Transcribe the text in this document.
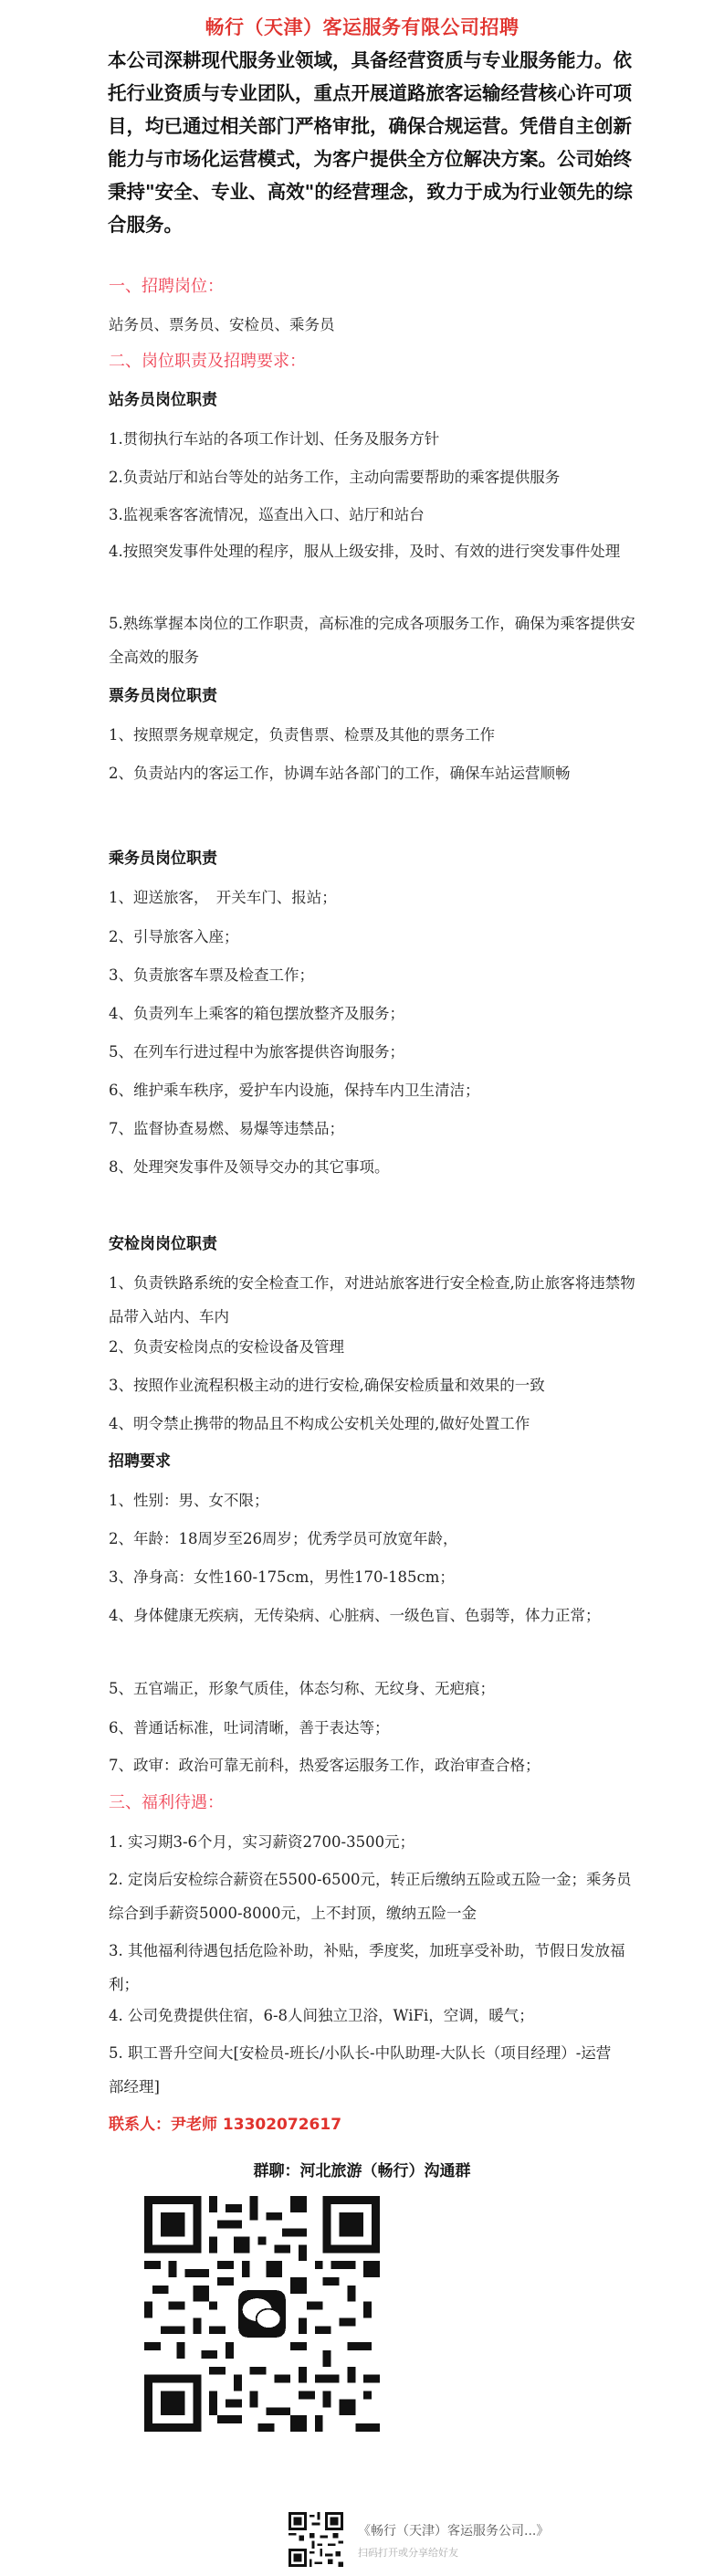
畅行（天津）客运服务有限公司招聘
本公司深耕现代服务业领域，具备经营资质与专业服务能力。依托行业资质与专业团队，重点开展道路旅客运输经营核心许可项目，均已通过相关部门严格审批，确保合规运营。凭借自主创新能力与市场化运营模式，为客户提供全方位解决方案。公司始终秉持"安全、专业、高效"的经营理念，致力于成为行业领先的综合服务。
一、招聘岗位：
站务员、票务员、安检员、乘务员
二、岗位职责及招聘要求：
站务员岗位职责
1.贯彻执行车站的各项工作计划、任务及服务方针
2.负责站厅和站台等处的站务工作，主动向需要帮助的乘客提供服务
3.监视乘客客流情况，巡查出入口、站厅和站台
4.按照突发事件处理的程序，服从上级安排，及时、有效的进行突发事件处理
5.熟练掌握本岗位的工作职责，高标准的完成各项服务工作，确保为乘客提供安全高效的服务
票务员岗位职责
1、按照票务规章规定，负责售票、检票及其他的票务工作
2、负责站内的客运工作，协调车站各部门的工作，确保车站运营顺畅
乘务员岗位职责
1、迎送旅客，　开关车门、报站；
2、引导旅客入座；
3、负责旅客车票及检查工作；
4、负责列车上乘客的箱包摆放整齐及服务；
5、在列车行进过程中为旅客提供咨询服务；
6、维护乘车秩序，爱护车内设施，保持车内卫生清洁；
7、监督协查易燃、易爆等违禁品；
8、处理突发事件及领导交办的其它事项。
安检岗岗位职责
1、负责铁路系统的安全检查工作，对进站旅客进行安全检查,防止旅客将违禁物品带入站内、车内
2、负责安检岗点的安检设备及管理
3、按照作业流程积极主动的进行安检,确保安检质量和效果的一致
4、明令禁止携带的物品且不构成公安机关处理的,做好处置工作
招聘要求
1、性别：男、女不限；
2、年龄：18周岁至26周岁；优秀学员可放宽年龄，
3、净身高：女性160-175cm，男性170-185cm；
4、身体健康无疾病，无传染病、心脏病、一级色盲、色弱等，体力正常；
5、五官端正，形象气质佳，体态匀称、无纹身、无疤痕；
6、普通话标准，吐词清晰，善于表达等；
7、政审：政治可靠无前科，热爱客运服务工作，政治审查合格；
三、福利待遇：
1. 实习期3-6个月，实习薪资2700-3500元；
2. 定岗后安检综合薪资在5500-6500元，转正后缴纳五险或五险一金；乘务员综合到手薪资5000-8000元，上不封顶，缴纳五险一金
3. 其他福利待遇包括危险补助，补贴，季度奖，加班享受补助，节假日发放福利；
4. 公司免费提供住宿，6-8人间独立卫浴，WiFi，空调，暖气；
5. 职工晋升空间大[安检员-班长/小队长-中队助理-大队长（项目经理）-运营部经理]
联系人：尹老师 13302072617
群聊：河北旅游（畅行）沟通群
《畅行（天津）客运服务公司...》
扫码打开或分享给好友
